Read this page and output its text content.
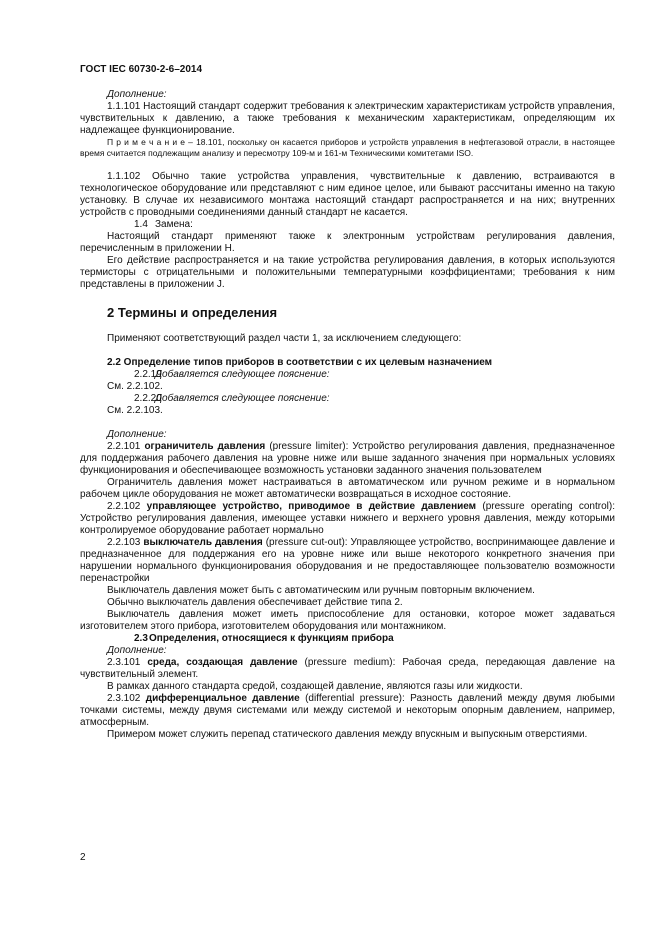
ГОСТ IEC 60730-2-6–2014

Дополнение:

1.1.101 Настоящий стандарт содержит требования к электрическим характеристикам устройств управления, чувствительных к давлению, а также требования к механическим характеристикам, определяющим их надлежащее функционирование.

П р и м е ч а н и е – 18.101, поскольку он касается приборов и устройств управления в нефтегазовой отрасли, в настоящее время считается подлежащим анализу и пересмотру 109-м и 161-м Техническими комитетами ISO.

1.1.102 Обычно такие устройства управления, чувствительные к давлению, встраиваются в технологическое оборудование или представляют с ним единое целое, или бывают рассчитаны именно на такую установку. В случае их независимого монтажа настоящий стандарт распространяется и на них; внутренних устройств с проводными соединениями данный стандарт не касается.

1.4 Замена:

Настоящий стандарт применяют также к электронным устройствам регулирования давления, перечисленным в приложении Н.

Его действие распространяется и на такие устройства регулирования давления, в которых используются термисторы с отрицательными и положительными температурными коэффициентами; требования к ним представлены в приложении J.

2 Термины и определения

Применяют соответствующий раздел части 1, за исключением следующего:

2.2 Определение типов приборов в соответствии с их целевым назначением

2.2.19Добавляется следующее пояснение:

См. 2.2.102.

2.2.20Добавляется следующее пояснение:

См. 2.2.103.

Дополнение:

2.2.101 ограничитель давления (pressure limiter): Устройство регулирования давления, предназначенное для поддержания рабочего давления на уровне ниже или выше заданного значения при нормальных условиях функционирования и обеспечивающее возможность установки заданного значения пользователем

Ограничитель давления может настраиваться в автоматическом или ручном режиме и в нормальном рабочем цикле оборудования не может автоматически возвращаться в исходное состояние.

2.2.102 управляющее устройство, приводимое в действие давлением (pressure operating control): Устройство регулирования давления, имеющее уставки нижнего и верхнего уровня давления, между которыми контролируемое оборудование работает нормально

2.2.103 выключатель давления (pressure cut-out): Управляющее устройство, воспринимающее давление и предназначенное для поддержания его на уровне ниже или выше некоторого конкретного значения при нарушении нормального функционирования оборудования и не предоставляющее пользователю возможности перенастройки

Выключатель давления может быть с автоматическим или ручным повторным включением.

Обычно выключатель давления обеспечивает действие типа 2.

Выключатель давления может иметь приспособление для остановки, которое может задаваться изготовителем этого прибора, изготовителем оборудования или монтажником.

2.3Определения, относящиеся к функциям прибора

Дополнение:

2.3.101 среда, создающая давление (pressure medium): Рабочая среда, передающая давление на чувствительный элемент.

В рамках данного стандарта средой, создающей давление, являются газы или жидкости.

2.3.102 дифференциальное давление (differential pressure): Разность давлений между двумя любыми точками системы, между двумя системами или между системой и некоторым опорным давлением, например, атмосферным.

Примером может служить перепад статического давления между впускным и выпускным отверстиями.

2
